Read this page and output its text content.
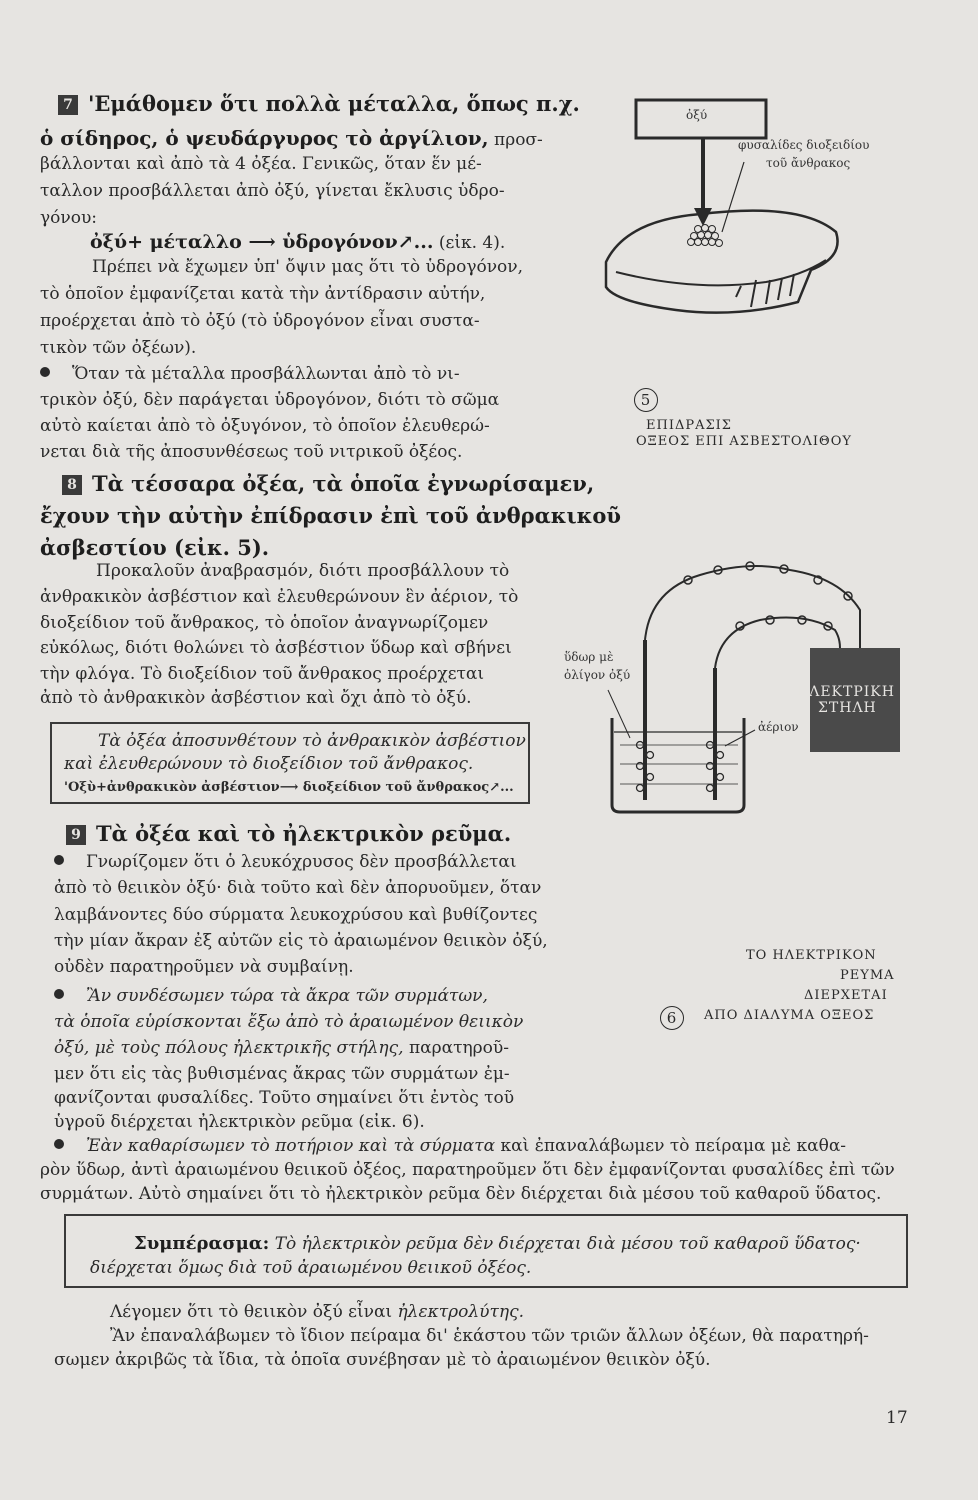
7 'Εμάθομεν ὅτι πολλὰ μέταλλα, ὅπως π.χ.
ὁ σίδηρος, ὁ ψευδάργυρος τὸ ἀργίλιον, προσ-
βάλλονται καὶ ἀπὸ τὰ 4 ὀξέα. Γενικῶς, ὅταν ἕν μέ-
ταλλον προσβάλλεται ἀπὸ ὀξύ, γίνεται ἔκλυσις ὑδρο-
γόνου:
ὀξύ+ μέταλλο ⟶ ὑδρογόνον↗... (εἰκ. 4).
Πρέπει νὰ ἔχωμεν ὑπ' ὄψιν μας ὅτι τὸ ὑδρογόνον,
τὸ ὁποῖον ἐμφανίζεται κατὰ τὴν ἀντίδρασιν αὐτήν,
προέρχεται ἀπὸ τὸ ὀξύ (τὸ ὑδρογόνον εἶναι συστα-
τικὸν τῶν ὀξέων).
Ὅταν τὰ μέταλλα προσβάλλωνται ἀπὸ τὸ νι-
τρικὸν ὀξύ, δὲν παράγεται ὑδρογόνον, διότι τὸ σῶμα
αὐτὸ καίεται ἀπὸ τὸ ὀξυγόνον, τὸ ὁποῖον ἐλευθερώ-
νεται διὰ τῆς ἀποσυνθέσεως τοῦ νιτρικοῦ ὀξέος.
8 Τὰ τέσσαρα ὀξέα, τὰ ὁποῖα ἐγνωρίσαμεν,
ἔχουν τὴν αὐτὴν ἐπίδρασιν ἐπὶ τοῦ ἀνθρακικοῦ
ἀσβεστίου (εἰκ. 5).
Προκαλοῦν ἀναβρασμόν, διότι προσβάλλουν τὸ
ἀνθρακικὸν ἀσβέστιον καὶ ἐλευθερώνουν ἓν ἀέριον, τὸ
διοξείδιον τοῦ ἄνθρακος, τὸ ὁποῖον ἀναγνωρίζομεν
εὐκόλως, διότι θολώνει τὸ ἀσβέστιον ὕδωρ καὶ σβήνει
τὴν φλόγα. Τὸ διοξείδιον τοῦ ἄνθρακος προέρχεται
ἀπὸ τὸ ἀνθρακικὸν ἀσβέστιον καὶ ὄχι ἀπὸ τὸ ὀξύ.
Τὰ ὀξέα ἀποσυνθέτουν τὸ ἀνθρακικὸν ἀσβέστιον
καὶ ἐλευθερώνουν τὸ διοξείδιον τοῦ ἄνθρακος.
'Οξὺ+ἀνθρακικὸν ἀσβέστιον⟶ διοξείδιον τοῦ ἄνθρακος↗...
9 Τὰ ὀξέα καὶ τὸ ἠλεκτρικὸν ρεῦμα.
Γνωρίζομεν ὅτι ὁ λευκόχρυσος δὲν προσβάλλεται
ἀπὸ τὸ θειικὸν ὀξύ· διὰ τοῦτο καὶ δὲν ἀπορυοῦμεν, ὅταν
λαμβάνοντες δύο σύρματα λευκοχρύσου καὶ βυθίζοντες
τὴν μίαν ἄκραν ἐξ αὐτῶν εἰς τὸ ἀραιωμένον θειικὸν ὀξύ,
οὐδὲν παρατηροῦμεν νὰ συμβαίνῃ.
Ἂν συνδέσωμεν τώρα τὰ ἄκρα τῶν συρμάτων,
τὰ ὁποῖα εὑρίσκονται ἔξω ἀπὸ τὸ ἀραιωμένον θειικὸν
ὀξύ, μὲ τοὺς πόλους ἠλεκτρικῆς στήλης, παρατηροῦ-
μεν ὅτι εἰς τὰς βυθισμένας ἄκρας τῶν συρμάτων ἐμ-
φανίζονται φυσαλίδες. Τοῦτο σημαίνει ὅτι ἐντὸς τοῦ
ὑγροῦ διέρχεται ἠλεκτρικὸν ρεῦμα (εἰκ. 6).
Ἐὰν καθαρίσωμεν τὸ ποτήριον καὶ τὰ σύρματα καὶ ἐπαναλάβωμεν τὸ πείραμα μὲ καθα-
ρὸν ὕδωρ, ἀντὶ ἀραιωμένου θειικοῦ ὀξέος, παρατηροῦμεν ὅτι δὲν ἐμφανίζονται φυσαλίδες ἐπὶ τῶν
συρμάτων. Αὐτὸ σημαίνει ὅτι τὸ ἠλεκτρικὸν ρεῦμα δὲν διέρχεται διὰ μέσου τοῦ καθαροῦ ὕδατος.
Συμπέρασμα: Τὸ ἠλεκτρικὸν ρεῦμα δὲν διέρχεται διὰ μέσου τοῦ καθαροῦ ὕδατος·
διέρχεται ὅμως διὰ τοῦ ἀραιωμένου θειικοῦ ὀξέος.
Λέγομεν ὅτι τὸ θειικὸν ὀξύ εἶναι ἠλεκτρολύτης.
Ἂν ἐπαναλάβωμεν τὸ ἴδιον πείραμα δι' ἑκάστου τῶν τριῶν ἄλλων ὀξέων, θὰ παρατηρή-
σωμεν ἀκριβῶς τὰ ἴδια, τὰ ὁποῖα συνέβησαν μὲ τὸ ἀραιωμένον θειικὸν ὀξύ.
17
ὀξύ
φυσαλίδες διοξειδίου
τοῦ ἄνθρακος
5
ΕΠΙΔΡΑΣΙΣ
ΟΞΕΟΣ ΕΠΙ ΑΣΒΕΣΤΟΛΙΘΟΥ
ὕδωρ μὲ
ὀλίγον ὀξύ
ΗΛΕΚΤΡΙΚΗ
ΣΤΗΛΗ
ἀέριον
ΤΟ ΗΛΕΚΤΡΙΚΟΝ
ΡΕΥΜΑ
ΔΙΕΡΧΕΤΑΙ
6	ΑΠΟ ΔΙΑΛΥΜΑ ΟΞΕΟΣ
